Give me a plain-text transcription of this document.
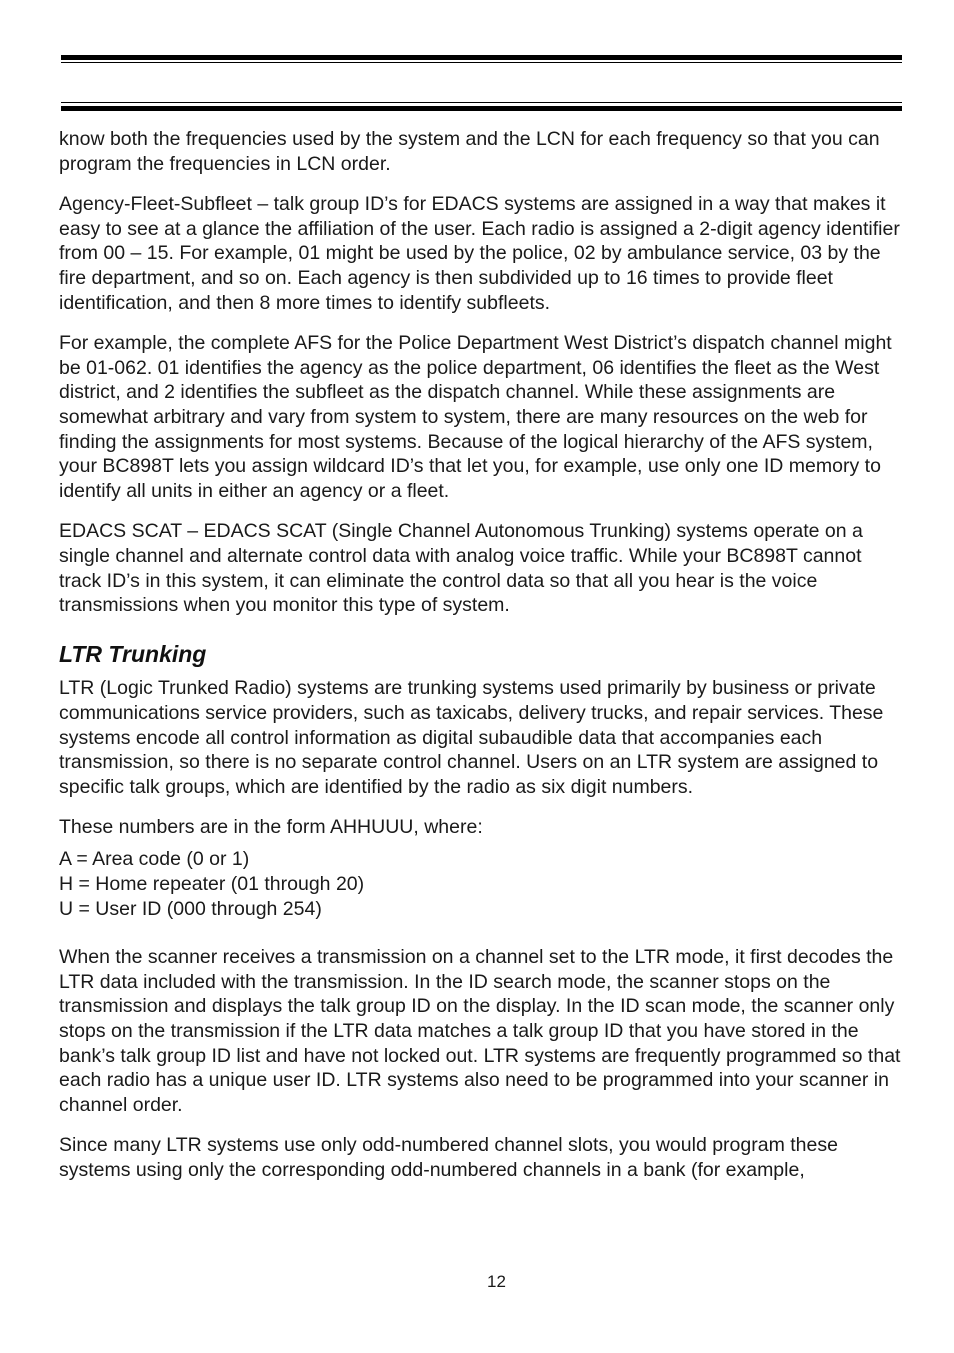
know both the frequencies used by the system and the LCN for each frequency so that you can program the frequencies in LCN order.

Agency-Fleet-Subfleet – talk group ID’s for EDACS systems are assigned in a way that makes it easy to see at a glance the affiliation of the user. Each radio is assigned a 2-digit agency identifier from 00 – 15. For example, 01 might be used by the police, 02 by ambulance service, 03 by the fire department, and so on. Each agency is then subdivided up to 16 times to provide fleet identification, and then 8 more times to identify subfleets.

For example, the complete AFS for the Police Department West District’s dispatch channel might be 01-062. 01 identifies the agency as the police department, 06 identifies the fleet as the West district, and 2 identifies the subfleet as the dispatch channel. While these assignments are somewhat arbitrary and vary from system to system, there are many resources on the web for finding the assignments for most systems. Because of the logical hierarchy of the AFS system, your BC898T lets you assign wildcard ID’s that let you, for example, use only one ID memory to identify all units in either an agency or a fleet.

EDACS SCAT – EDACS SCAT (Single Channel Autonomous Trunking) systems operate on a single channel and alternate control data with analog voice traffic. While your BC898T cannot track ID’s in this system, it can eliminate the control data so that all you hear is the voice transmissions when you monitor this type of system.

LTR Trunking

LTR (Logic Trunked Radio) systems are trunking systems used primarily by business or private communications service providers, such as taxicabs, delivery trucks, and repair services. These systems encode all control information as digital subaudible data that accompanies each transmission, so there is no separate control channel. Users on an LTR system are assigned to specific talk groups, which are identified by the radio as six digit numbers.

These numbers are in the form AHHUUU, where:

A = Area code (0 or 1)
H = Home repeater (01 through 20)
U = User ID (000 through 254)

When the scanner receives a transmission on a channel set to the LTR mode, it first decodes the LTR data included with the transmission. In the ID search mode, the scanner stops on the transmission and displays the talk group ID on the display. In the ID scan mode, the scanner only stops on the transmission if the LTR data matches a talk group ID that you have stored in the bank’s talk group ID list and have not locked out. LTR systems are frequently programmed so that each radio has a unique user ID. LTR systems also need to be programmed into your scanner in channel order.

Since many LTR systems use only odd-numbered channel slots, you would program these systems using only the corresponding odd-numbered channels in a bank (for example,

12
